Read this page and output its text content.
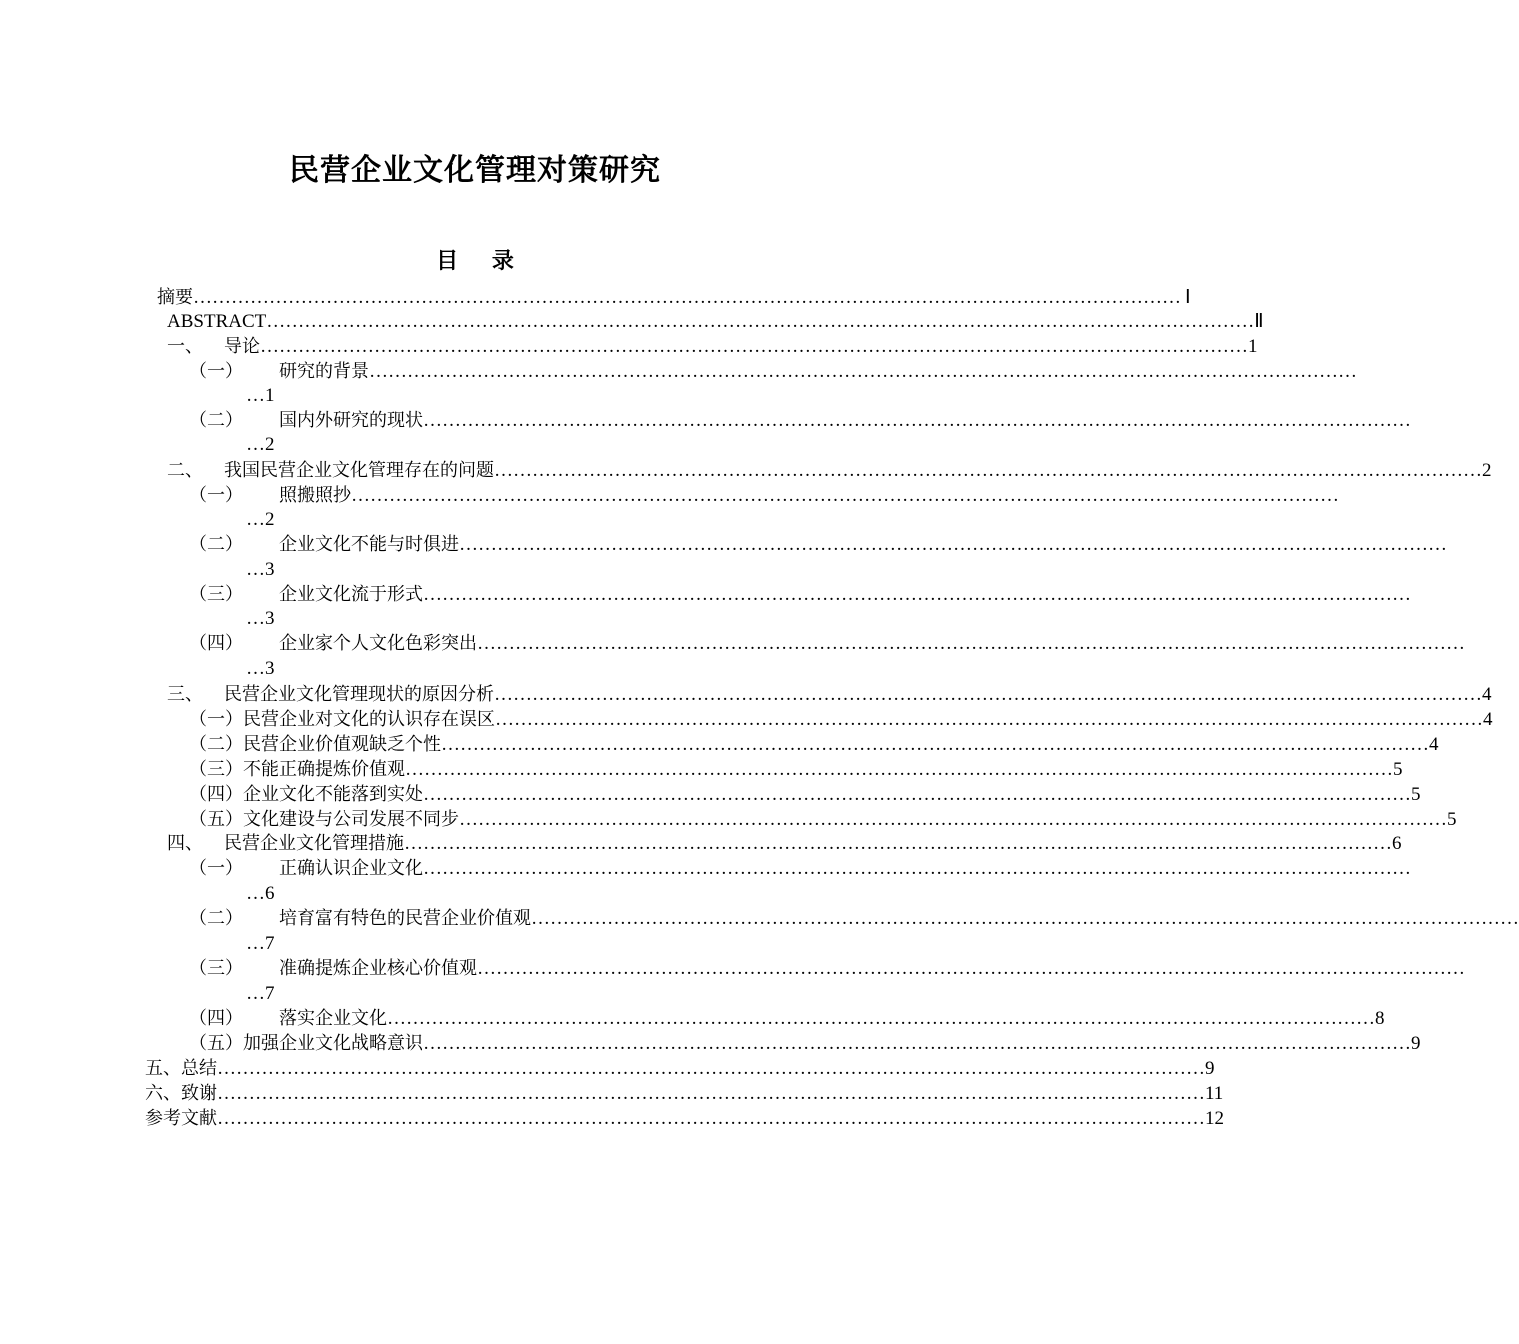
民营企业文化管理对策研究
目 录
摘要 ………………………………………………………………………………………………………………………………………… Ⅰ
ABSTRACT ………………………………………………………………………………………………………………………………………… Ⅱ
一、	导论 ………………………………………………………………………………………………………………………………………… 1
（一）	研究的背景 …………………………………………………………………………………………………………………………………………
…1
（二）	国内外研究的现状 …………………………………………………………………………………………………………………………………………
…2
二、	我国民营企业文化管理存在的问题 ………………………………………………………………………………………………………………………………………… 2
（一）	照搬照抄 …………………………………………………………………………………………………………………………………………
…2
（二）	企业文化不能与时俱进 …………………………………………………………………………………………………………………………………………
…3
（三）	企业文化流于形式 …………………………………………………………………………………………………………………………………………
…3
（四）	企业家个人文化色彩突出 …………………………………………………………………………………………………………………………………………
…3
三、	民营企业文化管理现状的原因分析 ………………………………………………………………………………………………………………………………………… 4
（一）民营企业对文化的认识存在误区 ………………………………………………………………………………………………………………………………………… 4
（二）民营企业价值观缺乏个性 ………………………………………………………………………………………………………………………………………… 4
（三）不能正确提炼价值观 ………………………………………………………………………………………………………………………………………… 5
（四）企业文化不能落到实处 ………………………………………………………………………………………………………………………………………… 5
（五）文化建设与公司发展不同步 ………………………………………………………………………………………………………………………………………… 5
四、	民营企业文化管理措施 ………………………………………………………………………………………………………………………………………… 6
（一）	正确认识企业文化 …………………………………………………………………………………………………………………………………………
…6
（二）	培育富有特色的民营企业价值观 …………………………………………………………………………………………………………………………………………
…7
（三）	准确提炼企业核心价值观 …………………………………………………………………………………………………………………………………………
…7
（四）	落实企业文化 ………………………………………………………………………………………………………………………………………… 8
（五）加强企业文化战略意识 ………………………………………………………………………………………………………………………………………… 9
五、总结 ………………………………………………………………………………………………………………………………………… 9
六、致谢 ………………………………………………………………………………………………………………………………………… 11
参考文献 ………………………………………………………………………………………………………………………………………… 12
